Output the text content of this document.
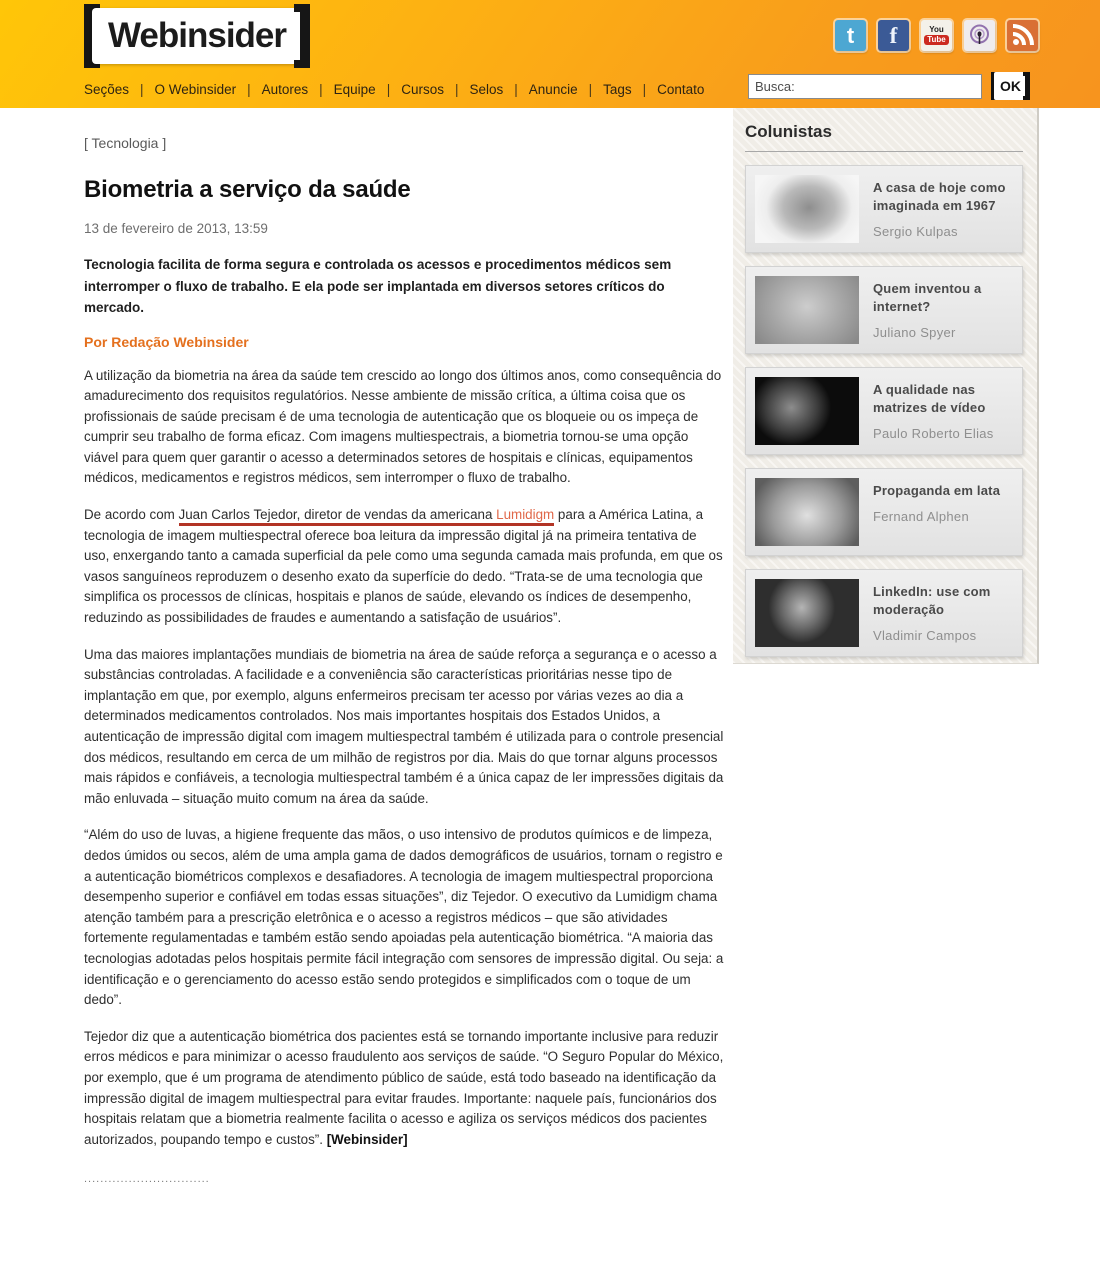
Webinsider	t	f	You
Tube
Seções | O Webinsider | Autores | Equipe | Cursos | Selos | Anuncie | Tags | Contato
Busca:	OK
[ Tecnologia ]
Biometria a serviço da saúde
13 de fevereiro de 2013, 13:59

Tecnologia facilita de forma segura e controlada os acessos e procedimentos médicos sem interromper o fluxo de trabalho. E ela pode ser implantada em diversos setores críticos do mercado.

Por Redação Webinsider

A utilização da biometria na área da saúde tem crescido ao longo dos últimos anos, como consequência do amadurecimento dos requisitos regulatórios. Nesse ambiente de missão crítica, a última coisa que os profissionais de saúde precisam é de uma tecnologia de autenticação que os bloqueie ou os impeça de cumprir seu trabalho de forma eficaz. Com imagens multiespectrais, a biometria tornou-se uma opção viável para quem quer garantir o acesso a determinados setores de hospitais e clínicas, equipamentos médicos, medicamentos e registros médicos, sem interromper o fluxo de trabalho.

De acordo com Juan Carlos Tejedor, diretor de vendas da americana Lumidigm para a América Latina, a tecnologia de imagem multiespectral oferece boa leitura da impressão digital já na primeira tentativa de uso, enxergando tanto a camada superficial da pele como uma segunda camada mais profunda, em que os vasos sanguíneos reproduzem o desenho exato da superfície do dedo. “Trata-se de uma tecnologia que simplifica os processos de clínicas, hospitais e planos de saúde, elevando os índices de desempenho, reduzindo as possibilidades de fraudes e aumentando a satisfação de usuários”.

Uma das maiores implantações mundiais de biometria na área de saúde reforça a segurança e o acesso a substâncias controladas. A facilidade e a conveniência são características prioritárias nesse tipo de implantação em que, por exemplo, alguns enfermeiros precisam ter acesso por várias vezes ao dia a determinados medicamentos controlados. Nos mais importantes hospitais dos Estados Unidos, a autenticação de impressão digital com imagem multiespectral também é utilizada para o controle presencial dos médicos, resultando em cerca de um milhão de registros por dia. Mais do que tornar alguns processos mais rápidos e confiáveis, a tecnologia multiespectral também é a única capaz de ler impressões digitais da mão enluvada – situação muito comum na área da saúde.

“Além do uso de luvas, a higiene frequente das mãos, o uso intensivo de produtos químicos e de limpeza, dedos úmidos ou secos, além de uma ampla gama de dados demográficos de usuários, tornam o registro e a autenticação biométricos complexos e desafiadores. A tecnologia de imagem multiespectral proporciona desempenho superior e confiável em todas essas situações”, diz Tejedor. O executivo da Lumidigm chama atenção também para a prescrição eletrônica e o acesso a registros médicos – que são atividades fortemente regulamentadas e também estão sendo apoiadas pela autenticação biométrica. “A maioria das tecnologias adotadas pelos hospitais permite fácil integração com sensores de impressão digital. Ou seja: a identificação e o gerenciamento do acesso estão sendo protegidos e simplificados com o toque de um dedo”.

Tejedor diz que a autenticação biométrica dos pacientes está se tornando importante inclusive para reduzir erros médicos e para minimizar o acesso fraudulento aos serviços de saúde. “O Seguro Popular do México, por exemplo, que é um programa de atendimento público de saúde, está todo baseado na identificação da impressão digital de imagem multiespectral para evitar fraudes. Importante: naquele país, funcionários dos hospitais relatam que a biometria realmente facilita o acesso e agiliza os serviços médicos dos pacientes autorizados, poupando tempo e custos”. [Webinsider]

...............................
Colunistas
A casa de hoje como imaginada em 1967
Sergio Kulpas
Quem inventou a internet?
Juliano Spyer
A qualidade nas matrizes de vídeo
Paulo Roberto Elias
Propaganda em lata
Fernand Alphen
LinkedIn: use com moderação
Vladimir Campos
